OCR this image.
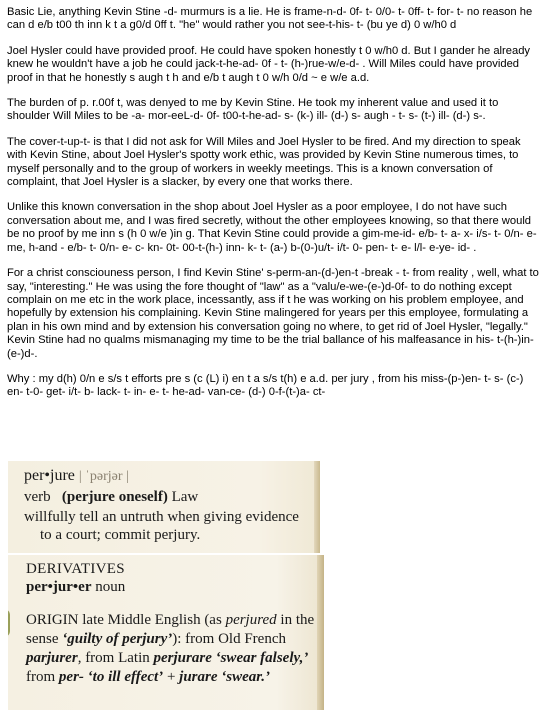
Basic Lie, anything Kevin Stine -d- murmurs is a lie. He is frame-n-d- 0f- t- 0/0- t- 0ff- t- for- t- no reason he can d e/b t00 th inn k t a g0/d 0ff t. "he" would rather you not see-t-his- t- (bu ye d) 0 w/h0 d

Joel Hysler could have provided proof. He could have spoken honestly t 0 w/h0 d. But I gander he already knew he wouldn't have a job he could jack-t-he-ad- 0f - t- (h-)rue-w/e-d- . Will Miles could have provided proof in that he honestly s augh t h and e/b t augh t 0 w/h 0/d ~ e w/e a.d.

The burden of p. r.00f t, was denyed to me by Kevin Stine. He took my inherent value and used it to shoulder Will Miles to be -a- mor-eeL-d- 0f- t00-t-he-ad- s- (k-) ill- (d-) s- augh - t- s- (t-) ill- (d-) s-.

The cover-t-up-t- is that I did not ask for Will Miles and Joel Hysler to be fired. And my direction to speak with Kevin Stine, about Joel Hysler's spotty work ethic, was provided by Kevin Stine numerous times, to myself personally and to the group of workers in weekly meetings. This is a known conversation of complaint, that Joel Hysler is a slacker, by every one that works there.

Unlike this known conversation in the shop about Joel Hysler as a poor employee, I do not have such conversation about me, and I was fired secretly, without the other employees knowing, so that there would be no proof by me inn s (h 0 w/e )in g. That Kevin Stine could provide a gim-me-id- e/b- t- a- x- i/s- t- 0/n- e- me, h-and - e/b- t- 0/n- e- c- kn- 0t- 00-t-(h-) inn- k- t- (a-) b-(0-)u/t- i/t- 0- pen- t- e- l/l- e-ye- id- .

For a christ consciouness person, I find Kevin Stine' s-perm-an-(d-)en-t -break - t- from reality , well, what to say, "interesting." He was using the fore thought of "law" as a "valu/e-we-(e-)d-0f- to do nothing except complain on me etc in the work place, incessantly, ass if t he was working on his problem employee, and hopefully by extension his complaining. Kevin Stine malingered for years per this employee, formulating a plan in his own mind and by extension his conversation going no where, to get rid of Joel Hysler, "legally." Kevin Stine had no qualms mismanaging my time to be the trial ballance of his malfeasance in his- t-(h-)in-(e-)d-.

Why : my d(h) 0/n e s/s t efforts pre s (c (L) i) en t a s/s t(h) e a.d. per jury , from his miss-(p-)en- t- s- (c-) en- t-0- get- i/t- b- lack- t- in- e- t- he-ad- van-ce- (d-) 0-f-(t-)a- ct-

per•jure | ˈpərjər |
verb (perjure oneself) Law
willfully tell an untruth when giving evidence
to a court; commit perjury.
DERIVATIVES
per•jur•er noun
ORIGIN late Middle English (as perjured in the sense ‘guilty of perjury’): from Old French parjurer, from Latin perjurare ‘swear falsely,’ from per- ‘to ill effect’ + jurare ‘swear.’
